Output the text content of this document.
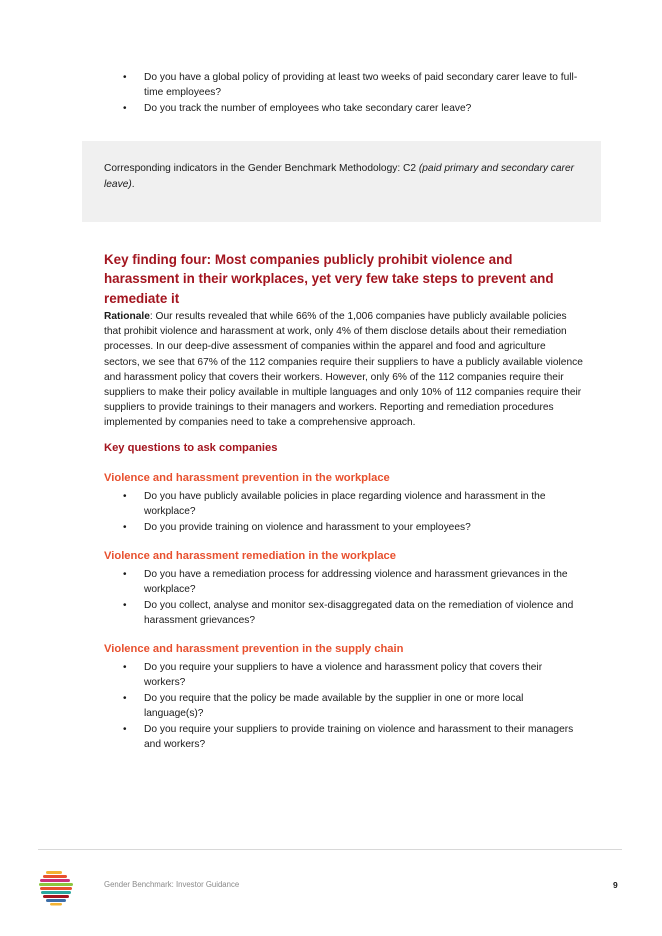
• Do you have a global policy of providing at least two weeks of paid secondary carer leave to full-time employees?
• Do you track the number of employees who take secondary carer leave?

Corresponding indicators in the Gender Benchmark Methodology: C2 (paid primary and secondary carer leave).

Key finding four: Most companies publicly prohibit violence and harassment in their workplaces, yet very few take steps to prevent and remediate it

Rationale: Our results revealed that while 66% of the 1,006 companies have publicly available policies that prohibit violence and harassment at work, only 4% of them disclose details about their remediation processes. In our deep-dive assessment of companies within the apparel and food and agriculture sectors, we see that 67% of the 112 companies require their suppliers to have a publicly available violence and harassment policy that covers their workers. However, only 6% of the 112 companies require their suppliers to make their policy available in multiple languages and only 10% of 112 companies require their suppliers to provide trainings to their managers and workers. Reporting and remediation procedures implemented by companies need to take a comprehensive approach.

Key questions to ask companies
Violence and harassment prevention in the workplace
• Do you have publicly available policies in place regarding violence and harassment in the workplace?
• Do you provide training on violence and harassment to your employees?
Violence and harassment remediation in the workplace
• Do you have a remediation process for addressing violence and harassment grievances in the workplace?
• Do you collect, analyse and monitor sex-disaggregated data on the remediation of violence and harassment grievances?
Violence and harassment prevention in the supply chain
• Do you require your suppliers to have a violence and harassment policy that covers their workers?
• Do you require that the policy be made available by the supplier in one or more local language(s)?
• Do you require your suppliers to provide training on violence and harassment to their managers and workers?
Gender Benchmark: Investor Guidance	9
